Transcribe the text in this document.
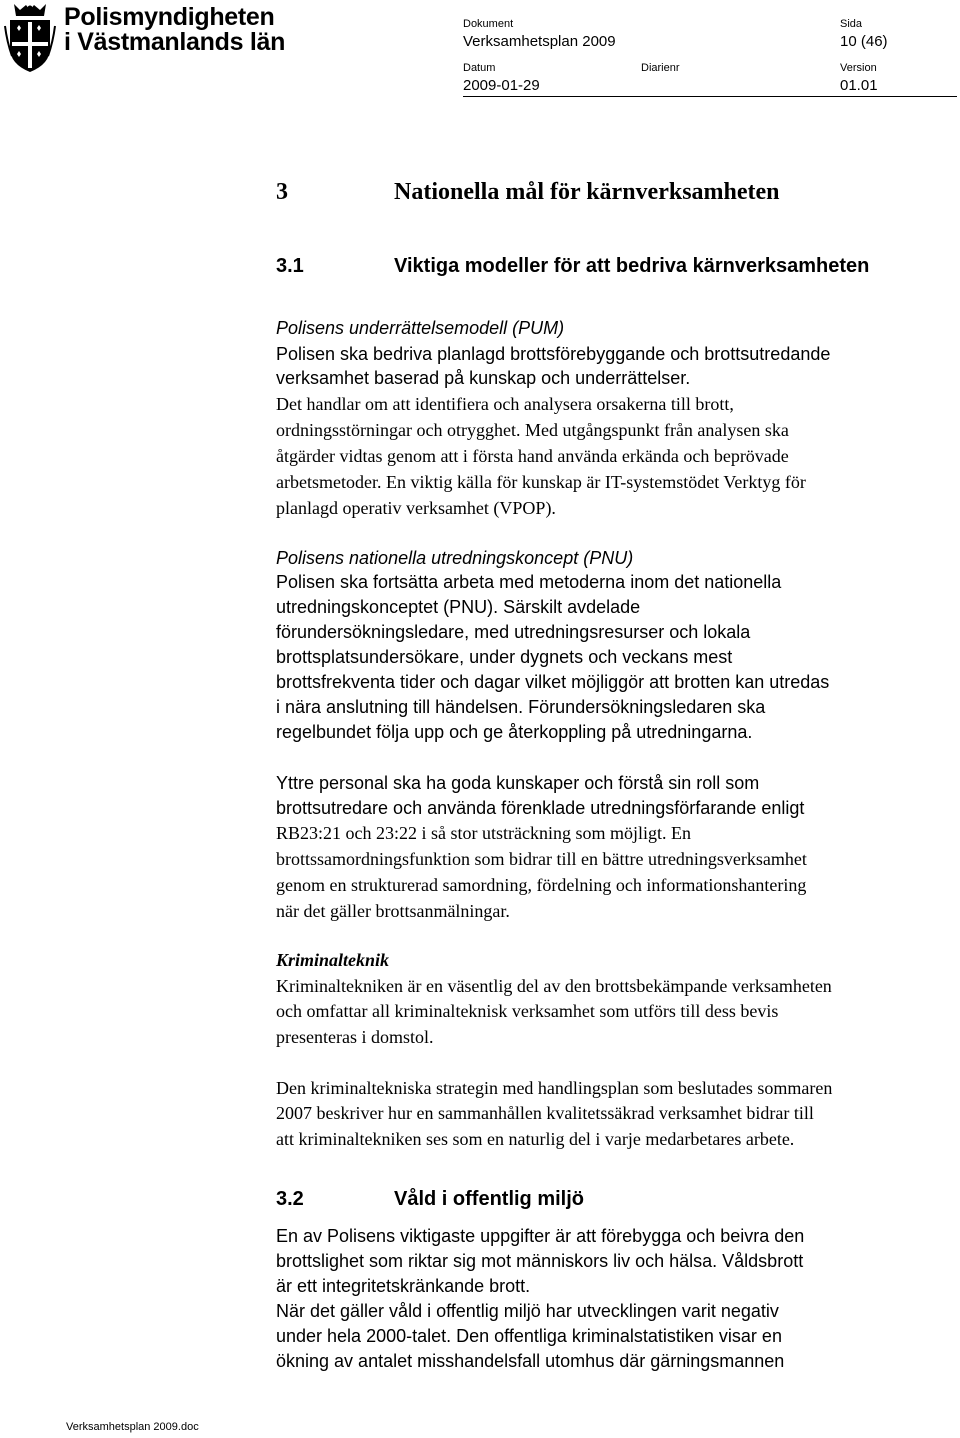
Polismyndigheten
i Västmanlands län
Dokument
Verksamhetsplan 2009
Sida
10 (46)
Datum
2009-01-29
Diarienr	Version
01.01
3	Nationella mål för kärnverksamheten
3.1	Viktiga modeller för att bedriva kärnverksamheten
Polisens underrättelsemodell (PUM)
Polisen ska bedriva planlagd brottsförebyggande och brottsutredande
verksamhet baserad på kunskap och underrättelser.
Det handlar om att identifiera och analysera orsakerna till brott,
ordningsstörningar och otrygghet. Med utgångspunkt från analysen ska
åtgärder vidtas genom att i första hand använda erkända och beprövade
arbetsmetoder. En viktig källa för kunskap är IT-systemstödet Verktyg för
planlagd operativ verksamhet (VPOP).
Polisens nationella utredningskoncept (PNU)
Polisen ska fortsätta arbeta med metoderna inom det nationella
utredningskonceptet (PNU). Särskilt avdelade
förundersökningsledare, med utredningsresurser och lokala
brottsplatsundersökare, under dygnets och veckans mest
brottsfrekventa tider och dagar vilket möjliggör att brotten kan utredas
i nära anslutning till händelsen. Förundersökningsledaren ska
regelbundet följa upp och ge återkoppling på utredningarna.
Yttre personal ska ha goda kunskaper och förstå sin roll som
brottsutredare och använda förenklade utredningsförfarande enligt
RB23:21 och 23:22 i så stor utsträckning som möjligt. En
brottssamordningsfunktion som bidrar till en bättre utredningsverksamhet
genom en strukturerad samordning, fördelning och informationshantering
när det gäller brottsanmälningar.
Kriminalteknik
Kriminaltekniken är en väsentlig del av den brottsbekämpande verksamheten
och omfattar all kriminalteknisk verksamhet som utförs till dess bevis
presenteras i domstol.
Den kriminaltekniska strategin med handlingsplan som beslutades sommaren
2007 beskriver hur en sammanhållen kvalitetssäkrad verksamhet bidrar till
att kriminaltekniken ses som en naturlig del i varje medarbetares arbete.
3.2	Våld i offentlig miljö
En av Polisens viktigaste uppgifter är att förebygga och beivra den
brottslighet som riktar sig mot människors liv och hälsa. Våldsbrott
är ett integritetskränkande brott.
När det gäller våld i offentlig miljö har utvecklingen varit negativ
under hela 2000-talet. Den offentliga kriminalstatistiken visar en
ökning av antalet misshandelsfall utomhus där gärningsmannen
Verksamhetsplan 2009.doc
